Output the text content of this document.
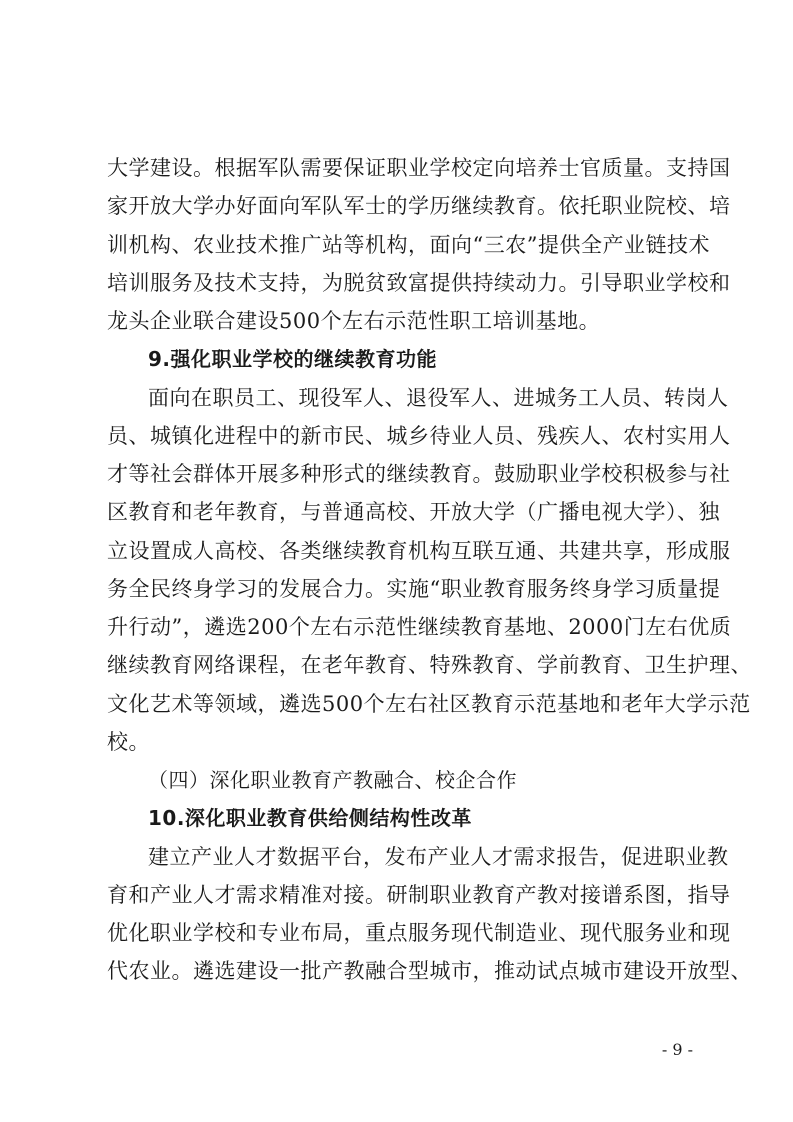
大学建设。根据军队需要保证职业学校定向培养士官质量。支持国
家开放大学办好面向军队军士的学历继续教育。依托职业院校、培
训机构、农业技术推广站等机构，面向“三农”提供全产业链技术
培训服务及技术支持，为脱贫致富提供持续动力。引导职业学校和
龙头企业联合建设500个左右示范性职工培训基地。
9.强化职业学校的继续教育功能
面向在职员工、现役军人、退役军人、进城务工人员、转岗人
员、城镇化进程中的新市民、城乡待业人员、残疾人、农村实用人
才等社会群体开展多种形式的继续教育。鼓励职业学校积极参与社
区教育和老年教育，与普通高校、开放大学（广播电视大学）、独
立设置成人高校、各类继续教育机构互联互通、共建共享，形成服
务全民终身学习的发展合力。实施“职业教育服务终身学习质量提
升行动”，遴选200个左右示范性继续教育基地、2000门左右优质
继续教育网络课程，在老年教育、特殊教育、学前教育、卫生护理、
文化艺术等领域，遴选500个左右社区教育示范基地和老年大学示范
校。
（四）深化职业教育产教融合、校企合作
10.深化职业教育供给侧结构性改革
建立产业人才数据平台，发布产业人才需求报告，促进职业教
育和产业人才需求精准对接。研制职业教育产教对接谱系图，指导
优化职业学校和专业布局，重点服务现代制造业、现代服务业和现
代农业。遴选建设一批产教融合型城市，推动试点城市建设开放型、
- 9 -
